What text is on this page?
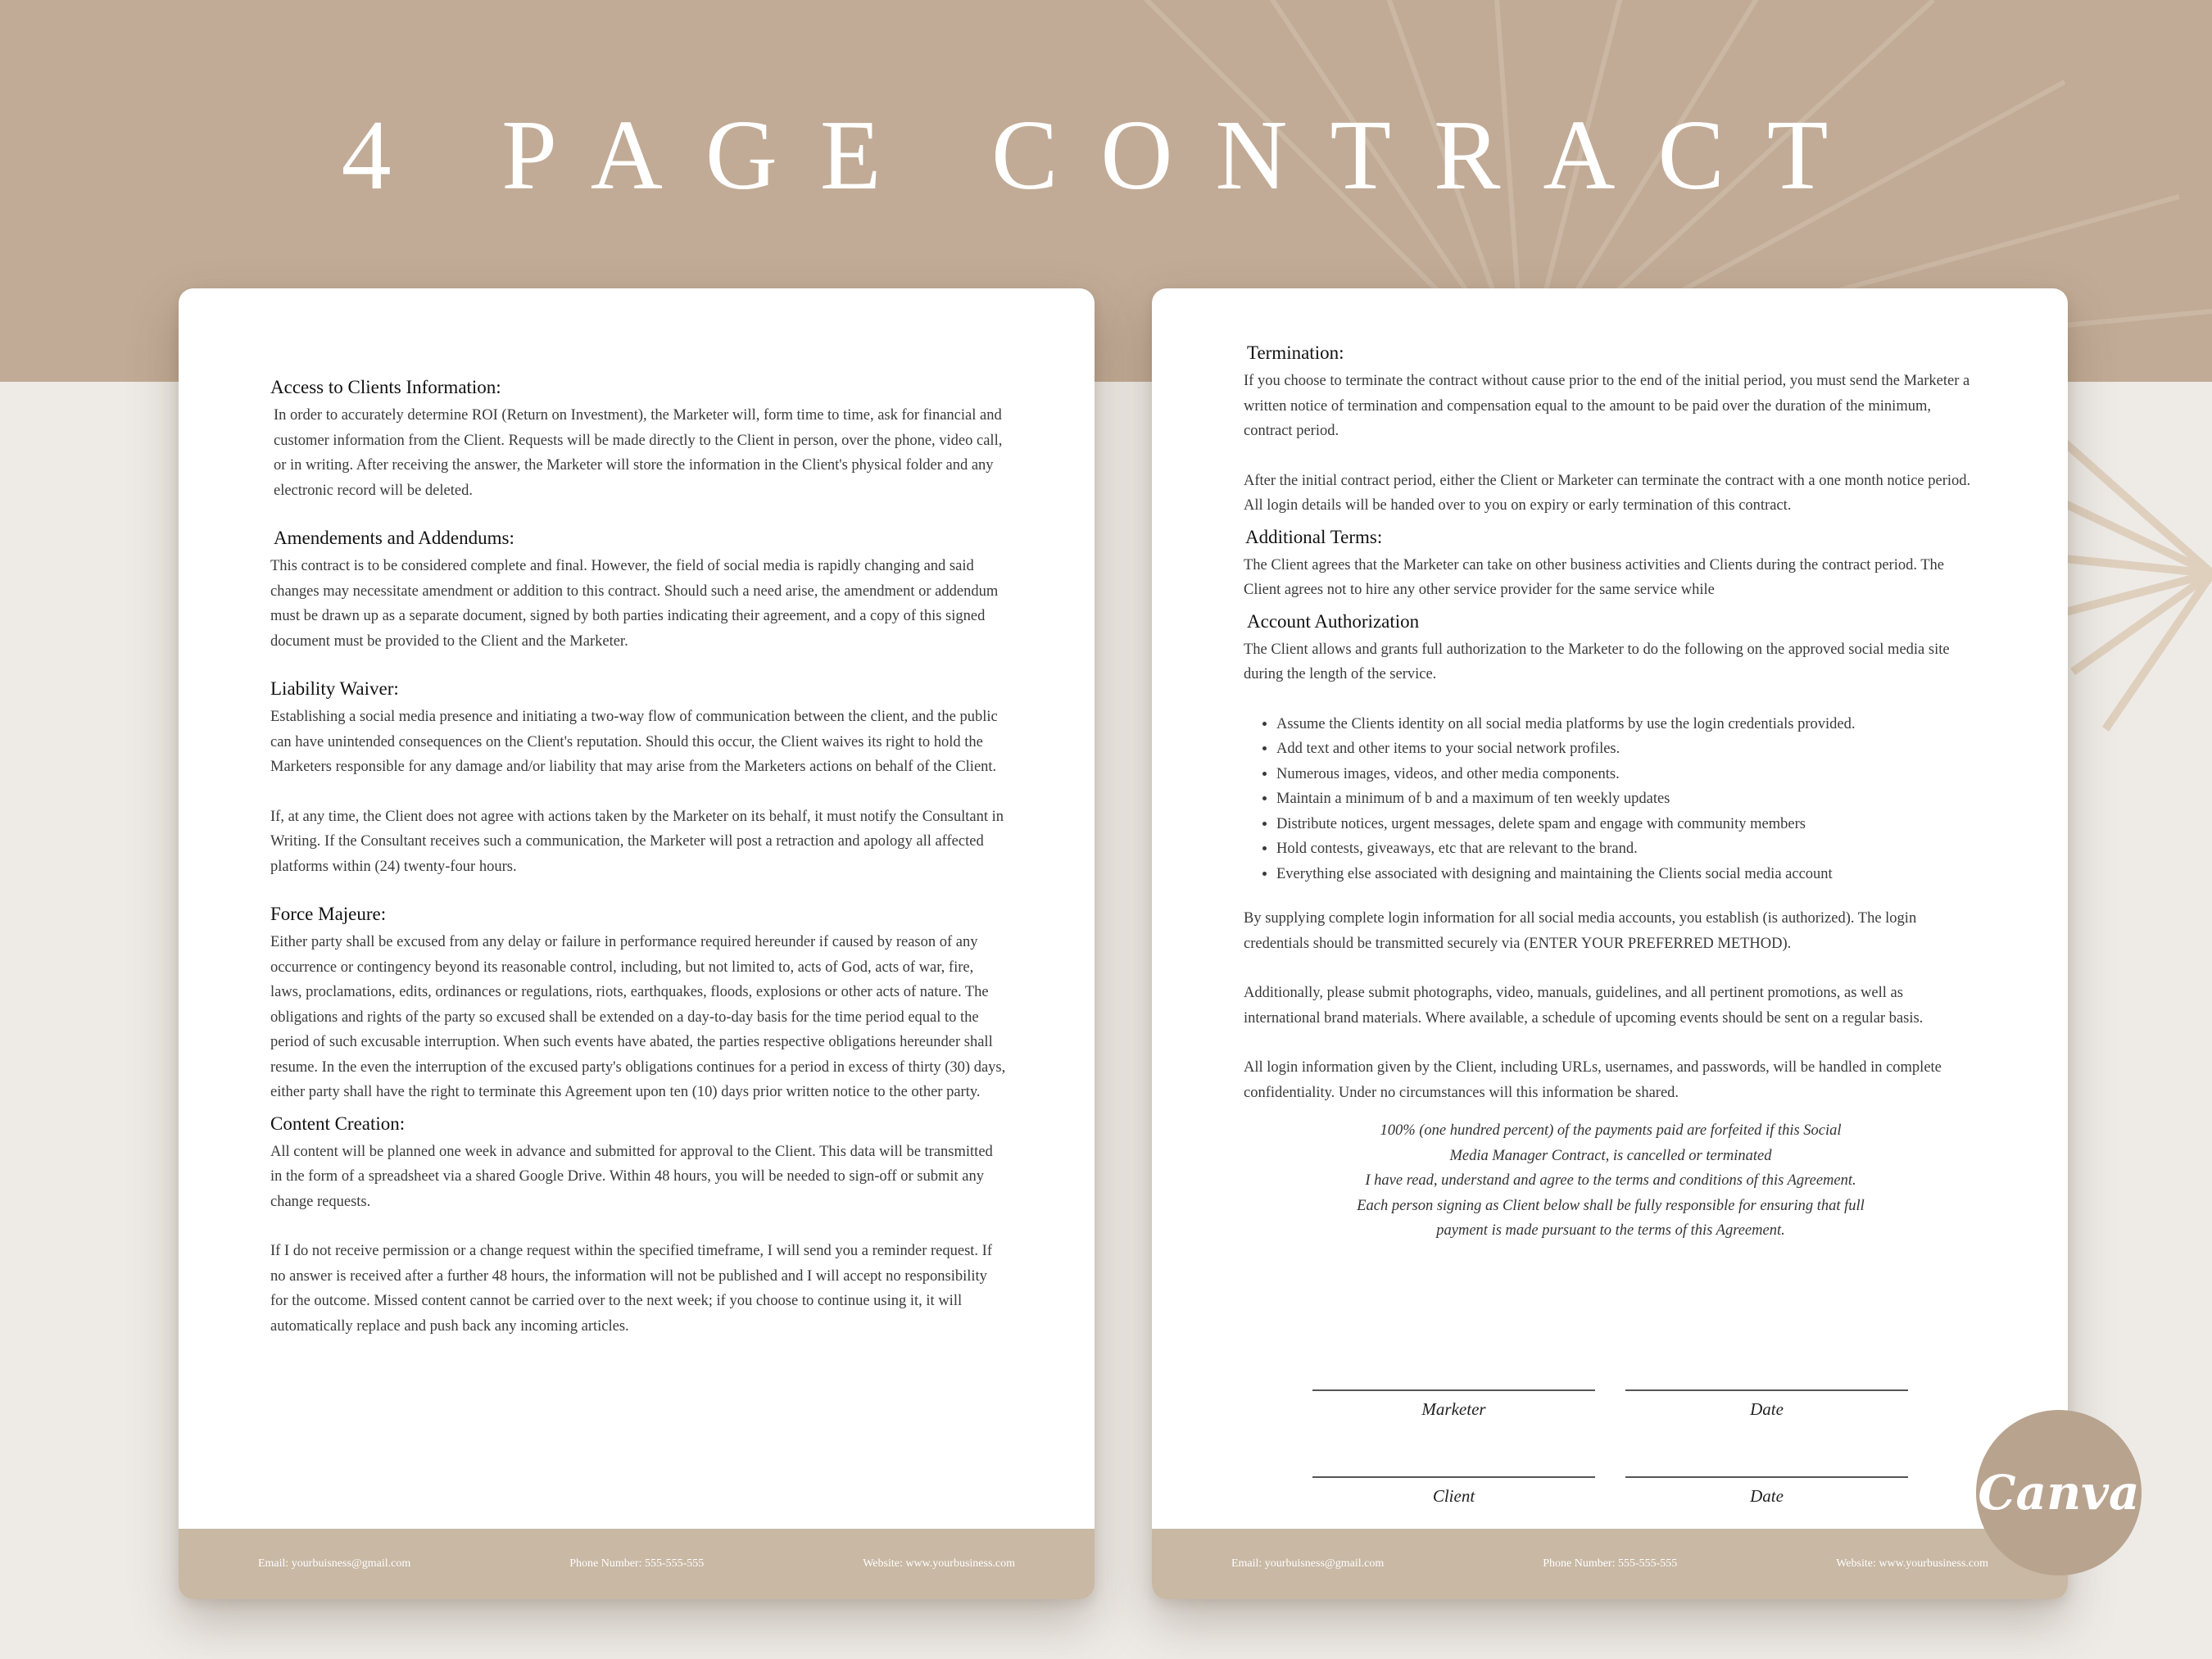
4 PAGE CONTRACT
Access to Clients Information:
In order to accurately determine ROI (Return on Investment), the Marketer will, form time to time, ask for financial and customer information from the Client. Requests will be made directly to the Client in person, over the phone, video call, or in writing. After receiving the answer, the Marketer will store the information in the Client's physical folder and any electronic record will be deleted.
Amendements and Addendums:
This contract is to be considered complete and final. However, the field of social media is rapidly changing and said changes may necessitate amendment or addition to this contract. Should such a need arise, the amendment or addendum must be drawn up as a separate document, signed by both parties indicating their agreement, and a copy of this signed document must be provided to the Client and the Marketer.
Liability Waiver:
Establishing a social media presence and initiating a two-way flow of communication between the client, and the public can have unintended consequences on the Client's reputation. Should this occur, the Client waives its right to hold the Marketers responsible for any damage and/or liability that may arise from the Marketers actions on behalf of the Client.
If, at any time, the Client does not agree with actions taken by the Marketer on its behalf, it must notify the Consultant in Writing. If the Consultant receives such a communication, the Marketer will post a retraction and apology all affected platforms within (24) twenty-four hours.
Force Majeure:
Either party shall be excused from any delay or failure in performance required hereunder if caused by reason of any occurrence or contingency beyond its reasonable control, including, but not limited to, acts of God, acts of war, fire, laws, proclamations, edits, ordinances or regulations, riots, earthquakes, floods, explosions or other acts of nature. The obligations and rights of the party so excused shall be extended on a day-to-day basis for the time period equal to the period of such excusable interruption. When such events have abated, the parties respective obligations hereunder shall resume. In the even the interruption of the excused party's obligations continues for a period in excess of thirty (30) days, either party shall have the right to terminate this Agreement upon ten (10) days prior written notice to the other party.
Content Creation:
All content will be planned one week in advance and submitted for approval to the Client. This data will be transmitted in the form of a spreadsheet via a shared Google Drive. Within 48 hours, you will be needed to sign-off or submit any change requests.
If I do not receive permission or a change request within the specified timeframe, I will send you a reminder request. If no answer is received after a further 48 hours, the information will not be published and I will accept no responsibility for the outcome. Missed content cannot be carried over to the next week; if you choose to continue using it, it will automatically replace and push back any incoming articles.
Email: yourbuisness@gmail.com	Phone Number: 555-555-555	Website: www.yourbusiness.com
Termination:
If you choose to terminate the contract without cause prior to the end of the initial period, you must send the Marketer a written notice of termination and compensation equal to the amount to be paid over the duration of the minimum, contract period.
After the initial contract period, either the Client or Marketer can terminate the contract with a one month notice period. All login details will be handed over to you on expiry or early termination of this contract.
Additional Terms:
The Client agrees that the Marketer can take on other business activities and Clients during the contract period. The Client agrees not to hire any other service provider for the same service while
Account Authorization
The Client allows and grants full authorization to the Marketer to do the following on the approved social media site during the length of the service.
• Assume the Clients identity on all social media platforms by use the login credentials provided.
• Add text and other items to your social network profiles.
• Numerous images, videos, and other media components.
• Maintain a minimum of b and a maximum of ten weekly updates
• Distribute notices, urgent messages, delete spam and engage with community members
• Hold contests, giveaways, etc that are relevant to the brand.
• Everything else associated with designing and maintaining the Clients social media account
By supplying complete login information for all social media accounts, you establish (is authorized). The login credentials should be transmitted securely via (ENTER YOUR PREFERRED METHOD).
Additionally, please submit photographs, video, manuals, guidelines, and all pertinent promotions, as well as international brand materials. Where available, a schedule of upcoming events should be sent on a regular basis.
All login information given by the Client, including URLs, usernames, and passwords, will be handled in complete confidentiality. Under no circumstances will this information be shared.
100% (one hundred percent) of the payments paid are forfeited if this Social
Media Manager Contract, is cancelled or terminated
I have read, understand and agree to the terms and conditions of this Agreement.
Each person signing as Client below shall be fully responsible for ensuring that full
payment is made pursuant to the terms of this Agreement.
Marketer	Date
Client	Date
Email: yourbuisness@gmail.com	Phone Number: 555-555-555	Website: www.yourbusiness.com
Canva
